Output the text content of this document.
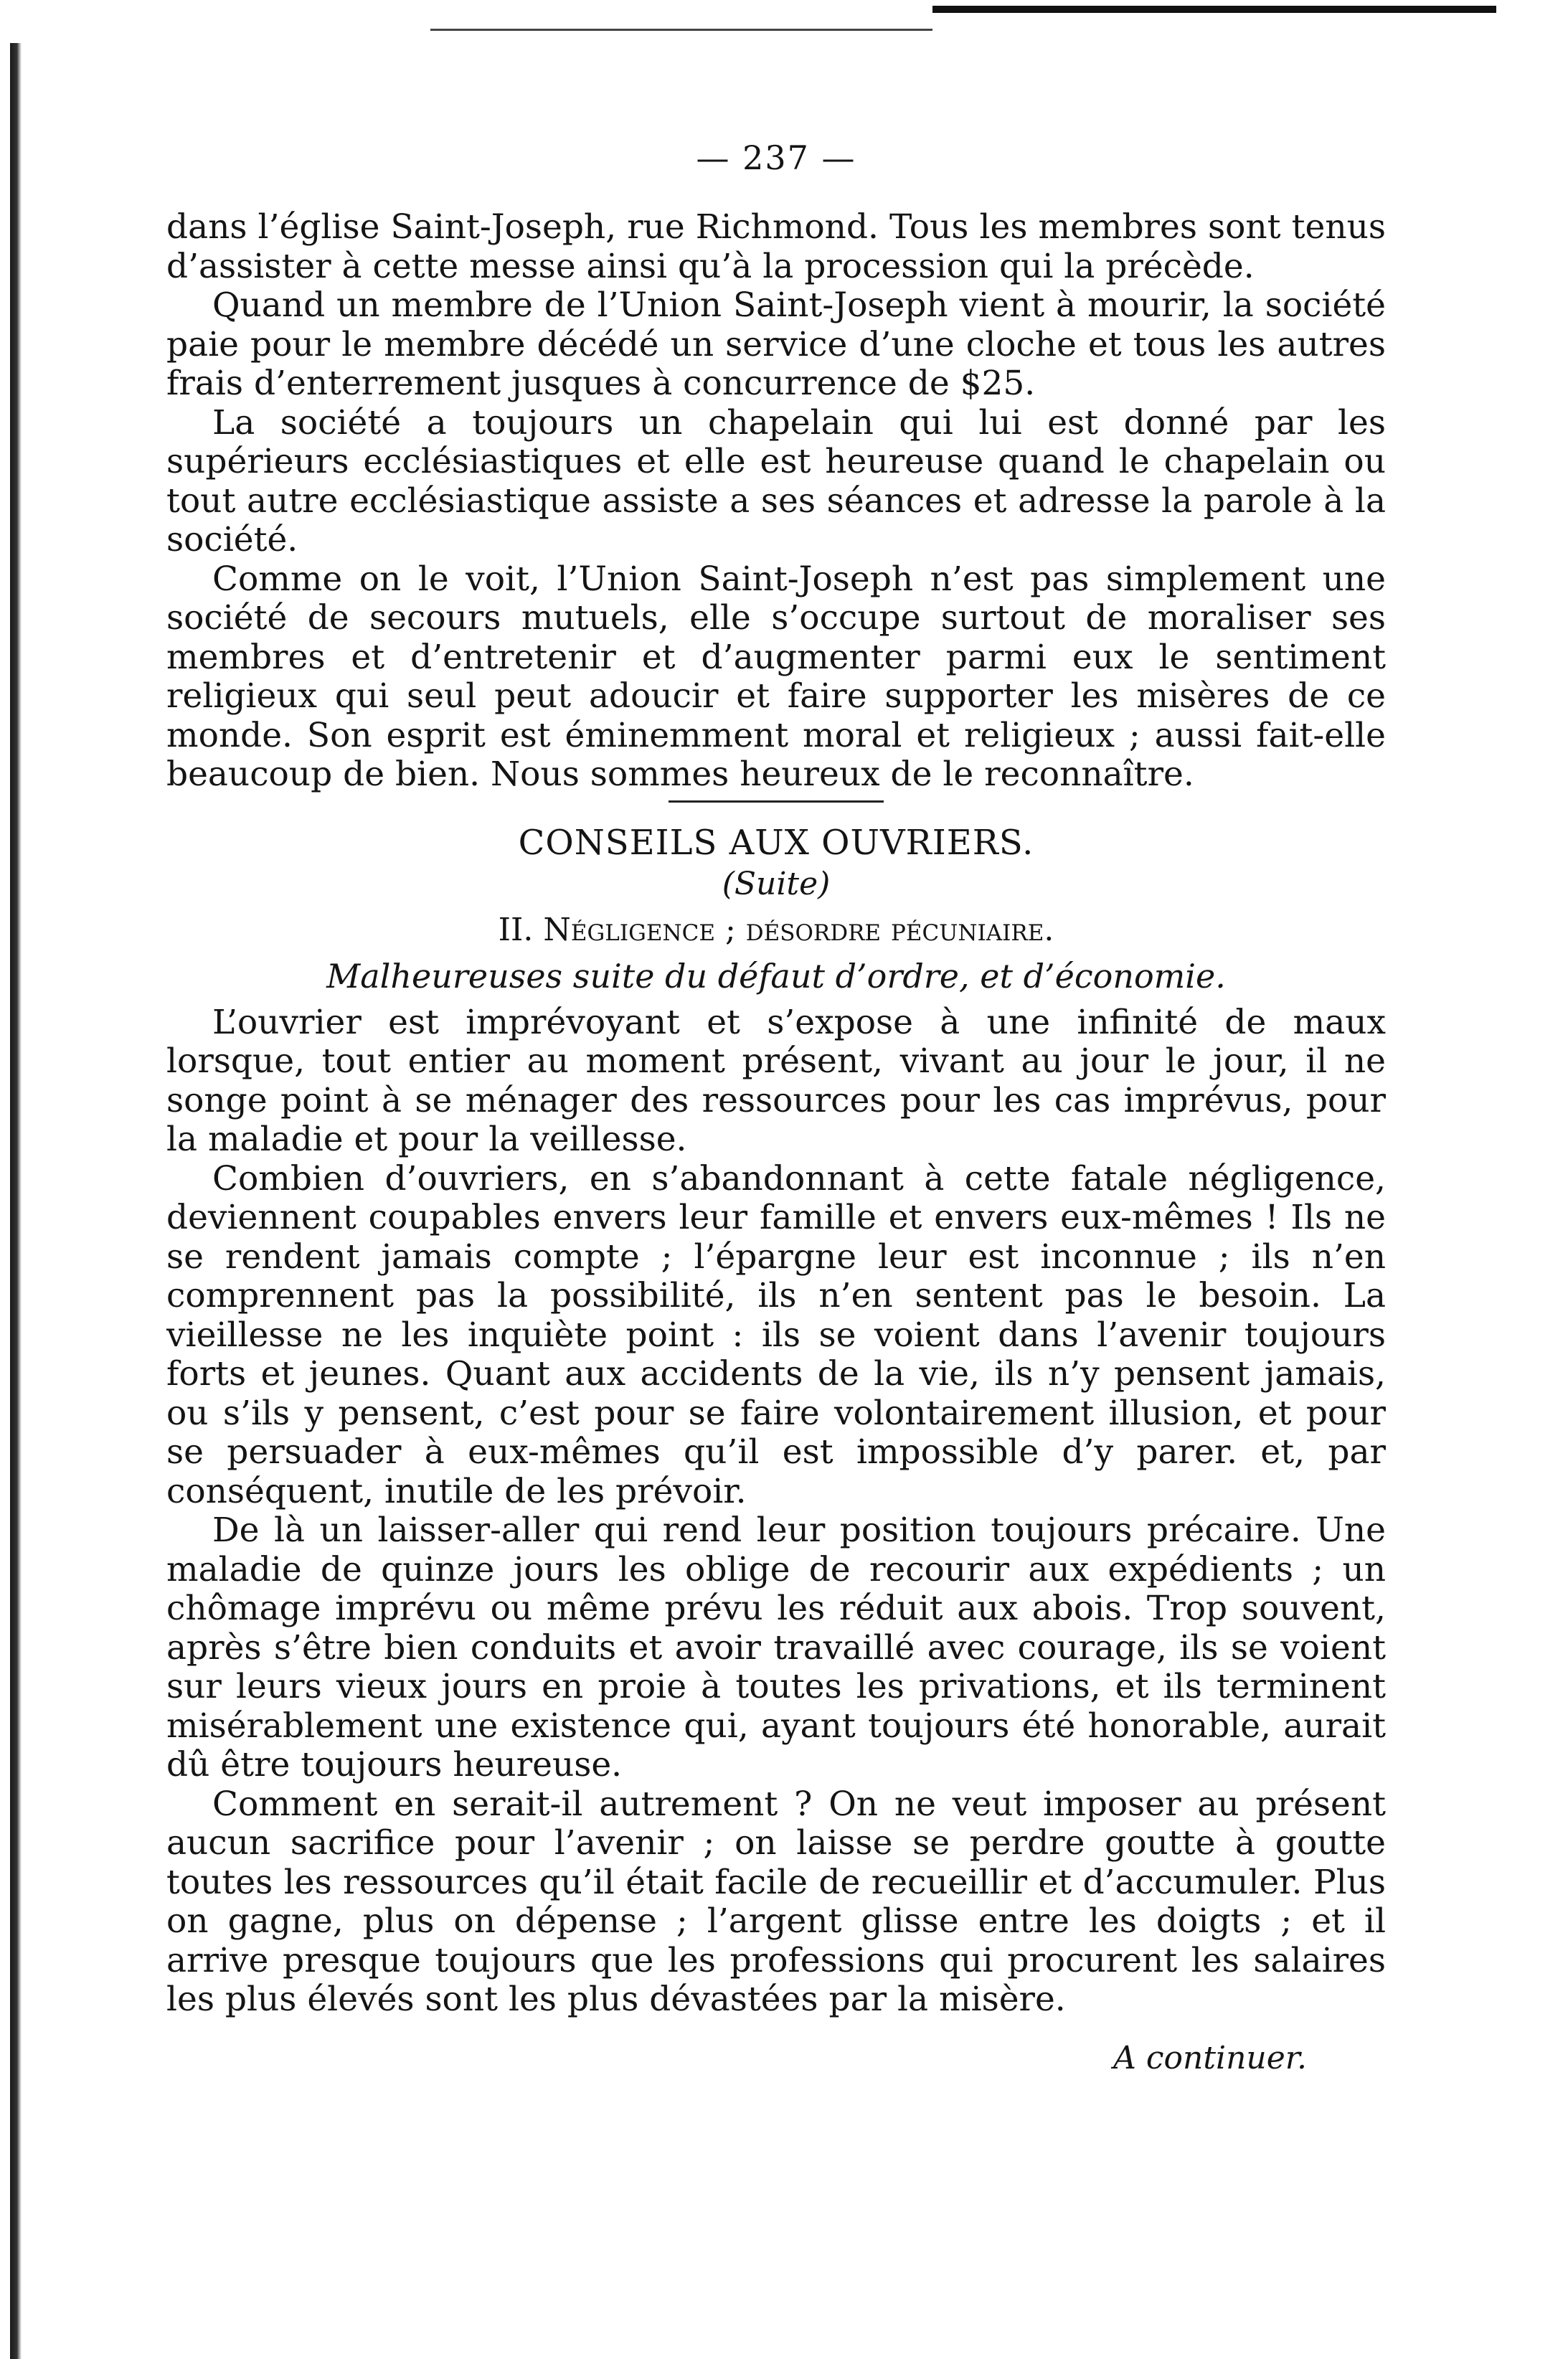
— 237 —

dans l’église Saint-Joseph, rue Richmond. Tous les membres sont tenus d’assister à cette messe ainsi qu’à la procession qui la précède.

Quand un membre de l’Union Saint-Joseph vient à mourir, la société paie pour le membre décédé un service d’une cloche et tous les autres frais d’enterrement jusques à concurrence de $25.

La société a toujours un chapelain qui lui est donné par les supérieurs ecclésiastiques et elle est heureuse quand le chapelain ou tout autre ecclésiastique assiste a ses séances et adresse la parole à la société.

Comme on le voit, l’Union Saint-Joseph n’est pas simplement une société de secours mutuels, elle s’occupe surtout de moraliser ses membres et d’entretenir et d’augmenter parmi eux le sentiment religieux qui seul peut adoucir et faire supporter les misères de ce monde. Son esprit est éminemment moral et religieux ; aussi fait-elle beaucoup de bien. Nous sommes heureux de le reconnaître.

CONSEILS AUX OUVRIERS.
(Suite)
II. Négligence ; désordre pécuniaire.
Malheureuses suite du défaut d’ordre, et d’économie.

L’ouvrier est imprévoyant et s’expose à une infinité de maux lorsque, tout entier au moment présent, vivant au jour le jour, il ne songe point à se ménager des ressources pour les cas imprévus, pour la maladie et pour la veillesse.

Combien d’ouvriers, en s’abandonnant à cette fatale négligence, deviennent coupables envers leur famille et envers eux-mêmes ! Ils ne se rendent jamais compte ; l’épargne leur est inconnue ; ils n’en comprennent pas la possibilité, ils n’en sentent pas le besoin. La vieillesse ne les inquiète point : ils se voient dans l’avenir toujours forts et jeunes. Quant aux accidents de la vie, ils n’y pensent jamais, ou s’ils y pensent, c’est pour se faire volontairement illusion, et pour se persuader à eux-mêmes qu’il est impossible d’y parer. et, par conséquent, inutile de les prévoir.

De là un laisser-aller qui rend leur position toujours précaire. Une maladie de quinze jours les oblige de recourir aux expédients ; un chômage imprévu ou même prévu les réduit aux abois. Trop souvent, après s’être bien conduits et avoir travaillé avec courage, ils se voient sur leurs vieux jours en proie à toutes les privations, et ils terminent misérablement une existence qui, ayant toujours été honorable, aurait dû être toujours heureuse.

Comment en serait-il autrement ? On ne veut imposer au présent aucun sacrifice pour l’avenir ; on laisse se perdre goutte à goutte toutes les ressources qu’il était facile de recueillir et d’accumuler. Plus on gagne, plus on dépense ; l’argent glisse entre les doigts ; et il arrive presque toujours que les professions qui procurent les salaires les plus élevés sont les plus dévastées par la misère.

A continuer.
